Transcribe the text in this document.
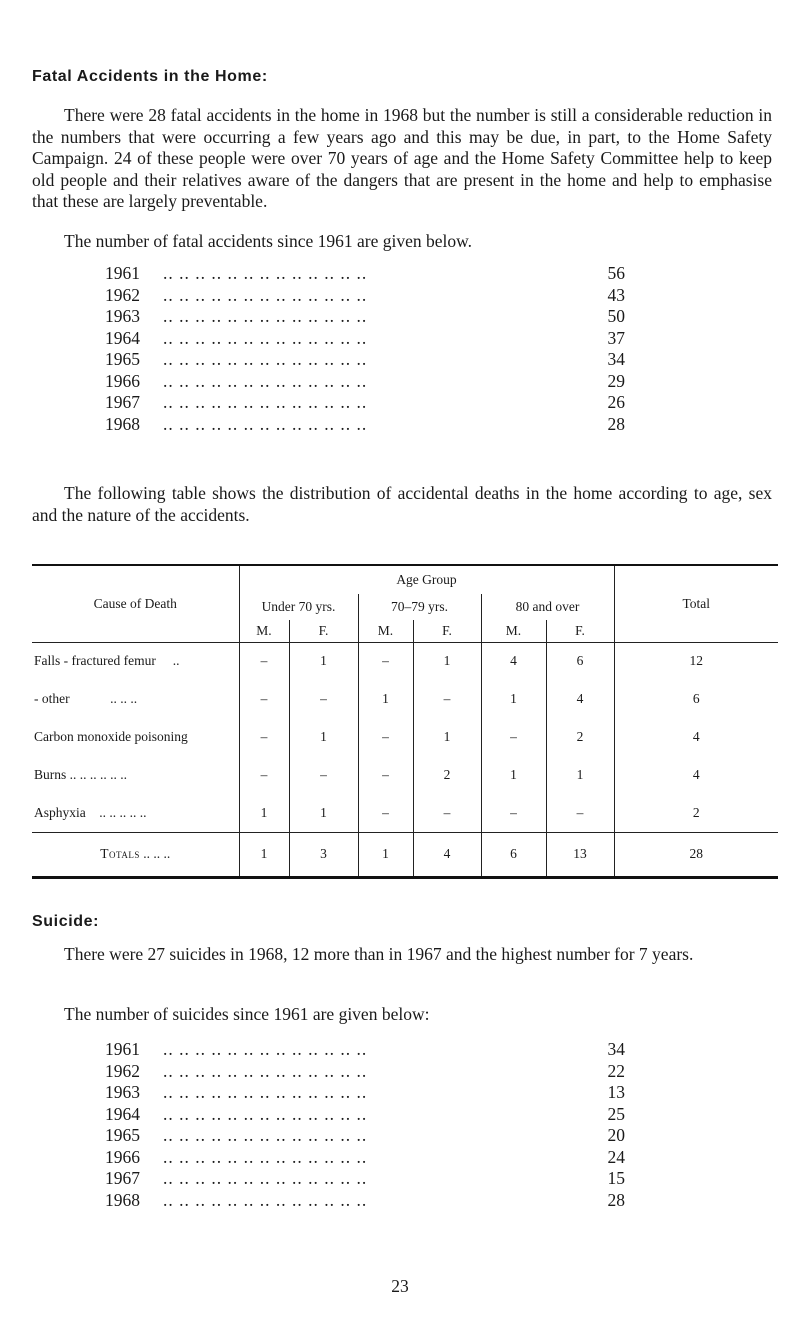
Fatal Accidents in the Home:
There were 28 fatal accidents in the home in 1968 but the number is still a considerable reduction in the numbers that were occurring a few years ago and this may be due, in part, to the Home Safety Campaign. 24 of these people were over 70 years of age and the Home Safety Committee help to keep old people and their relatives aware of the dangers that are present in the home and help to emphasise that these are largely preventable.
The number of fatal accidents since 1961 are given below.
1961	.. .. .. .. .. .. .. .. .. .. .. .. ..	56
1962	.. .. .. .. .. .. .. .. .. .. .. .. ..	43
1963	.. .. .. .. .. .. .. .. .. .. .. .. ..	50
1964	.. .. .. .. .. .. .. .. .. .. .. .. ..	37
1965	.. .. .. .. .. .. .. .. .. .. .. .. ..	34
1966	.. .. .. .. .. .. .. .. .. .. .. .. ..	29
1967	.. .. .. .. .. .. .. .. .. .. .. .. ..	26
1968	.. .. .. .. .. .. .. .. .. .. .. .. ..	28
The following table shows the distribution of accidental deaths in the home according to age, sex and the nature of the accidents.

Cause of Death	Age Group						Total
	Under 70 yrs.		70–79 yrs.		80 and over		
	M.	F.	M.	F.	M.	F.	
Falls - fractured femur ..	–	1	–	1	4	6	12
- other .. .. ..	–	–	1	–	1	4	6
Carbon monoxide poisoning	–	1	–	1	–	2	4
Burns .. .. .. .. .. ..	–	–	–	2	1	1	4
Asphyxia .. .. .. .. ..	1	1	–	–	–	–	2
Totals .. .. ..	1	3	1	4	6	13	28

Suicide:
There were 27 suicides in 1968, 12 more than in 1967 and the highest number for 7 years.
The number of suicides since 1961 are given below:
1961	.. .. .. .. .. .. .. .. .. .. .. .. ..	34
1962	.. .. .. .. .. .. .. .. .. .. .. .. ..	22
1963	.. .. .. .. .. .. .. .. .. .. .. .. ..	13
1964	.. .. .. .. .. .. .. .. .. .. .. .. ..	25
1965	.. .. .. .. .. .. .. .. .. .. .. .. ..	20
1966	.. .. .. .. .. .. .. .. .. .. .. .. ..	24
1967	.. .. .. .. .. .. .. .. .. .. .. .. ..	15
1968	.. .. .. .. .. .. .. .. .. .. .. .. ..	28
23
